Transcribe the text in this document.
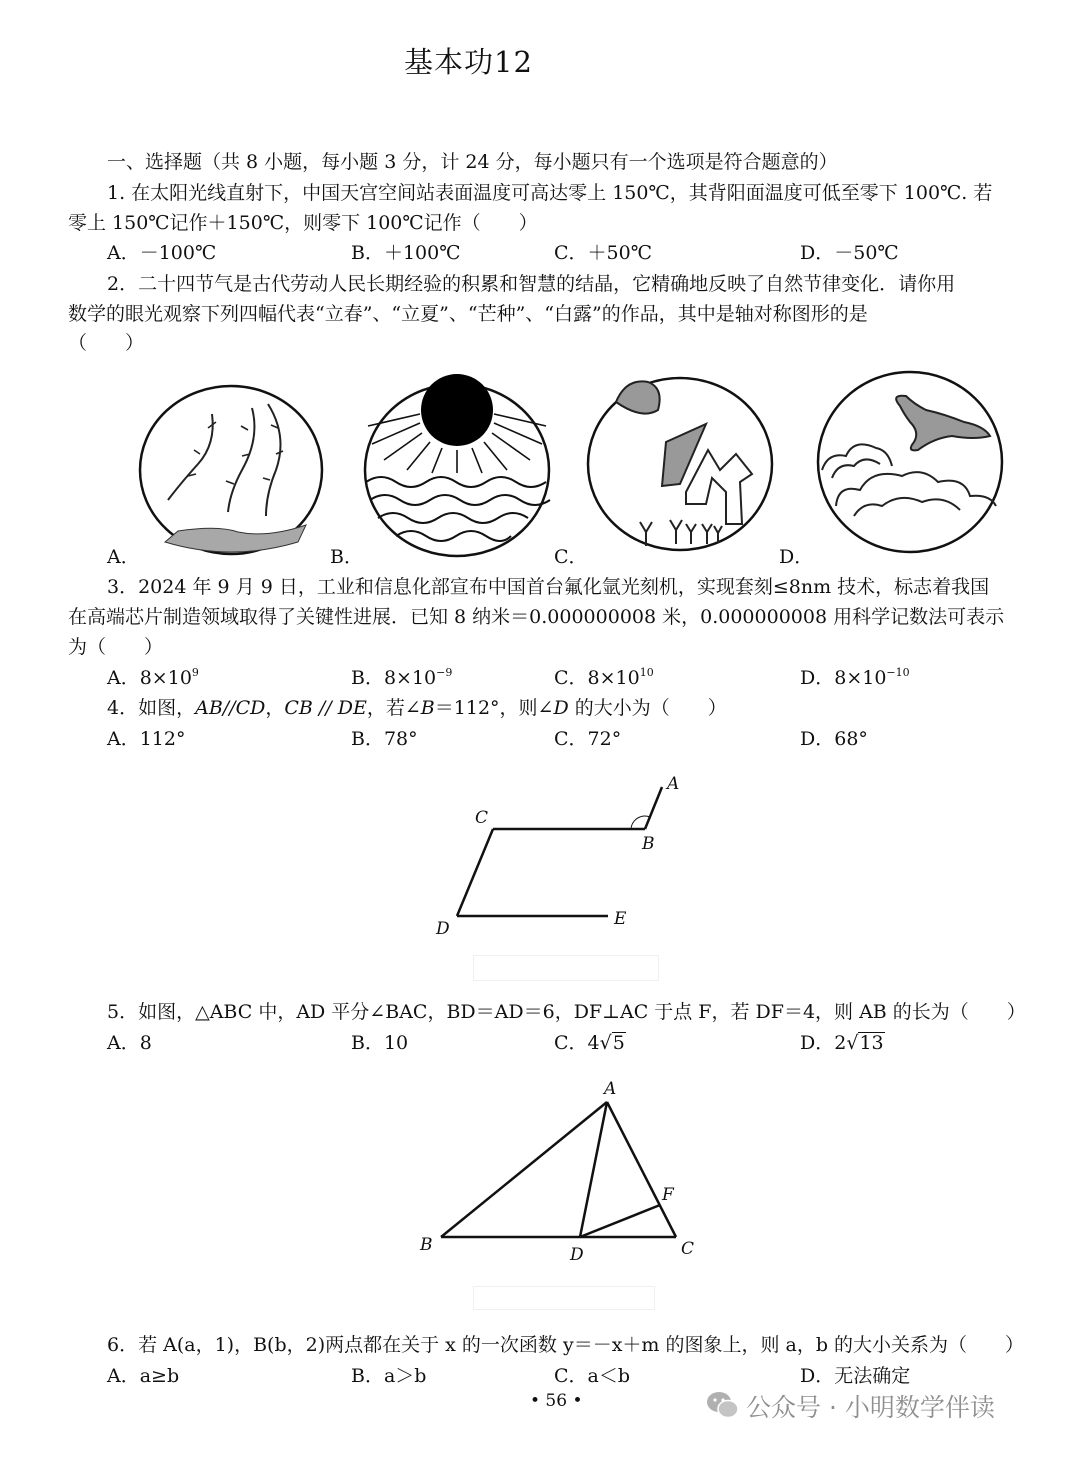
基本功12
一、选择题（共 8 小题，每小题 3 分，计 24 分，每小题只有一个选项是符合题意的）
1. 在太阳光线直射下，中国天宫空间站表面温度可高达零上 150℃，其背阳面温度可低至零下 100℃. 若
零上 150℃记作＋150℃，则零下 100℃记作（　　）
A．－100℃	B．＋100℃	C．＋50℃	D．－50℃
2．二十四节气是古代劳动人民长期经验的积累和智慧的结晶，它精确地反映了自然节律变化．请你用
数学的眼光观察下列四幅代表“立春”、“立夏”、“芒种”、“白露”的作品，其中是轴对称图形的是
（　　）
A．	B．	C．	D．
3．2024 年 9 月 9 日，工业和信息化部宣布中国首台氟化氩光刻机，实现套刻≤8nm 技术，标志着我国
在高端芯片制造领域取得了关键性进展．已知 8 纳米＝0.000000008 米，0.000000008 用科学记数法可表示
为（　　）
A．$8\times 10^9$	B．$8\times 10^{-9}$	C．$8\times 10^{10}$	D．$8\times 10^{-10}$
4．如图，AB//CD，CB // DE，若∠B＝112°，则∠D 的大小为（　　）
A．112°	B．78°	C．72°	D．68°
A
B
C
D	E
5．如图，△ABC 中，AD 平分∠BAC，BD＝AD＝6，DF⊥AC 于点 F，若 DF＝4，则 AB 的长为（　　）
A．8	B．10	C．4√5	D．2√13
A
B	C
D
F
6．若 A(a，1)，B(b，2)两点都在关于 x 的一次函数 y＝－x＋m 的图象上，则 a，b 的大小关系为（　　）
A．a≥b	B．a＞b	C．a＜b	D．无法确定
• 56 •	公众号 · 小明数学伴读
